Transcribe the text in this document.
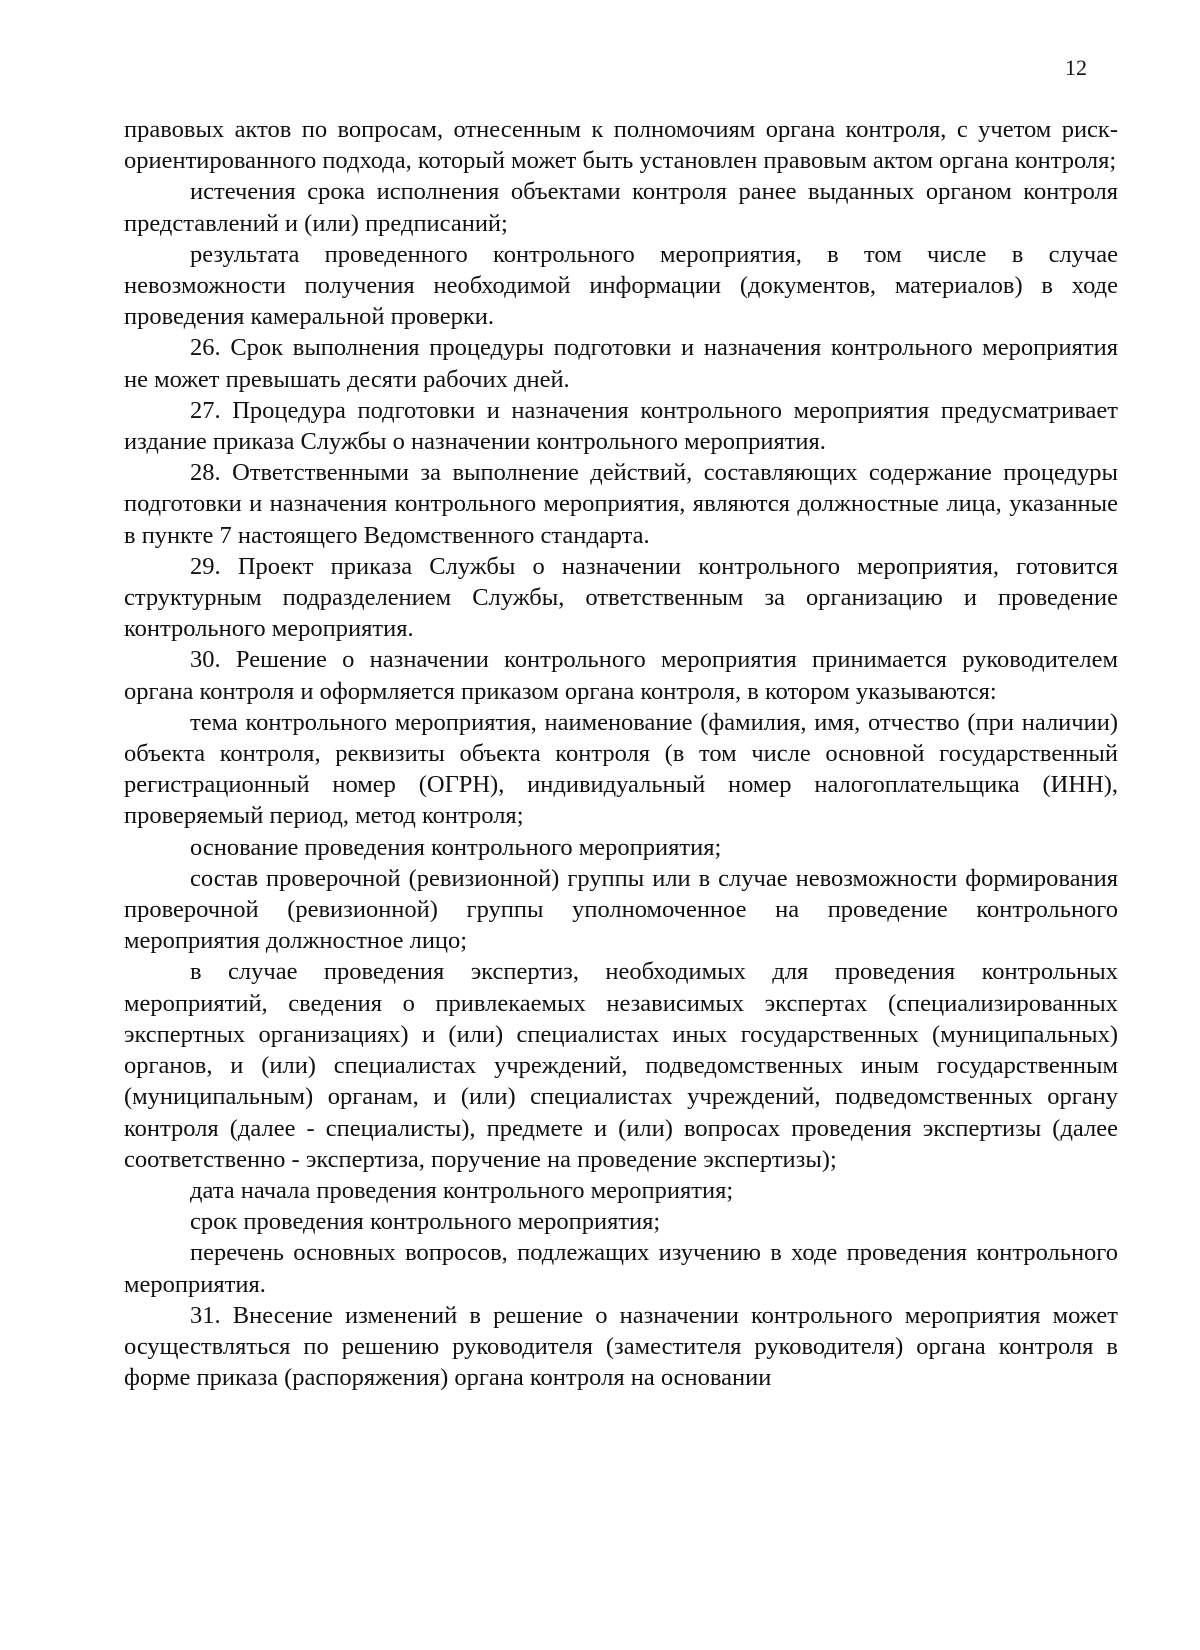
12

правовых актов по вопросам, отнесенным к полномочиям органа контроля, с учетом риск-ориентированного подхода, который может быть установлен правовым актом органа контроля;

истечения срока исполнения объектами контроля ранее выданных органом контроля представлений и (или) предписаний;

результата проведенного контрольного мероприятия, в том числе в случае невозможности получения необходимой информации (документов, материалов) в ходе проведения камеральной проверки.

26. Срок выполнения процедуры подготовки и назначения контрольного мероприятия не может превышать десяти рабочих дней.

27. Процедура подготовки и назначения контрольного мероприятия предусматривает издание приказа Службы о назначении контрольного мероприятия.

28. Ответственными за выполнение действий, составляющих содержание процедуры подготовки и назначения контрольного мероприятия, являются должностные лица, указанные в пункте 7 настоящего Ведомственного стандарта.

29. Проект приказа Службы о назначении контрольного мероприятия, готовится структурным подразделением Службы, ответственным за организацию и проведение контрольного мероприятия.

30. Решение о назначении контрольного мероприятия принимается руководителем органа контроля и оформляется приказом органа контроля, в котором указываются:

тема контрольного мероприятия, наименование (фамилия, имя, отчество (при наличии) объекта контроля, реквизиты объекта контроля (в том числе основной государственный регистрационный номер (ОГРН), индивидуальный номер налогоплательщика (ИНН), проверяемый период, метод контроля;

основание проведения контрольного мероприятия;

состав проверочной (ревизионной) группы или в случае невозможности формирования проверочной (ревизионной) группы уполномоченное на проведение контрольного мероприятия должностное лицо;

в случае проведения экспертиз, необходимых для проведения контрольных мероприятий, сведения о привлекаемых независимых экспертах (специализированных экспертных организациях) и (или) специалистах иных государственных (муниципальных) органов, и (или) специалистах учреждений, подведомственных иным государственным (муниципальным) органам, и (или) специалистах учреждений, подведомственных органу контроля (далее - специалисты), предмете и (или) вопросах проведения экспертизы (далее соответственно - экспертиза, поручение на проведение экспертизы);

дата начала проведения контрольного мероприятия;

срок проведения контрольного мероприятия;

перечень основных вопросов, подлежащих изучению в ходе проведения контрольного мероприятия.

31. Внесение изменений в решение о назначении контрольного мероприятия может осуществляться по решению руководителя (заместителя руководителя) органа контроля в форме приказа (распоряжения) органа контроля на основании
